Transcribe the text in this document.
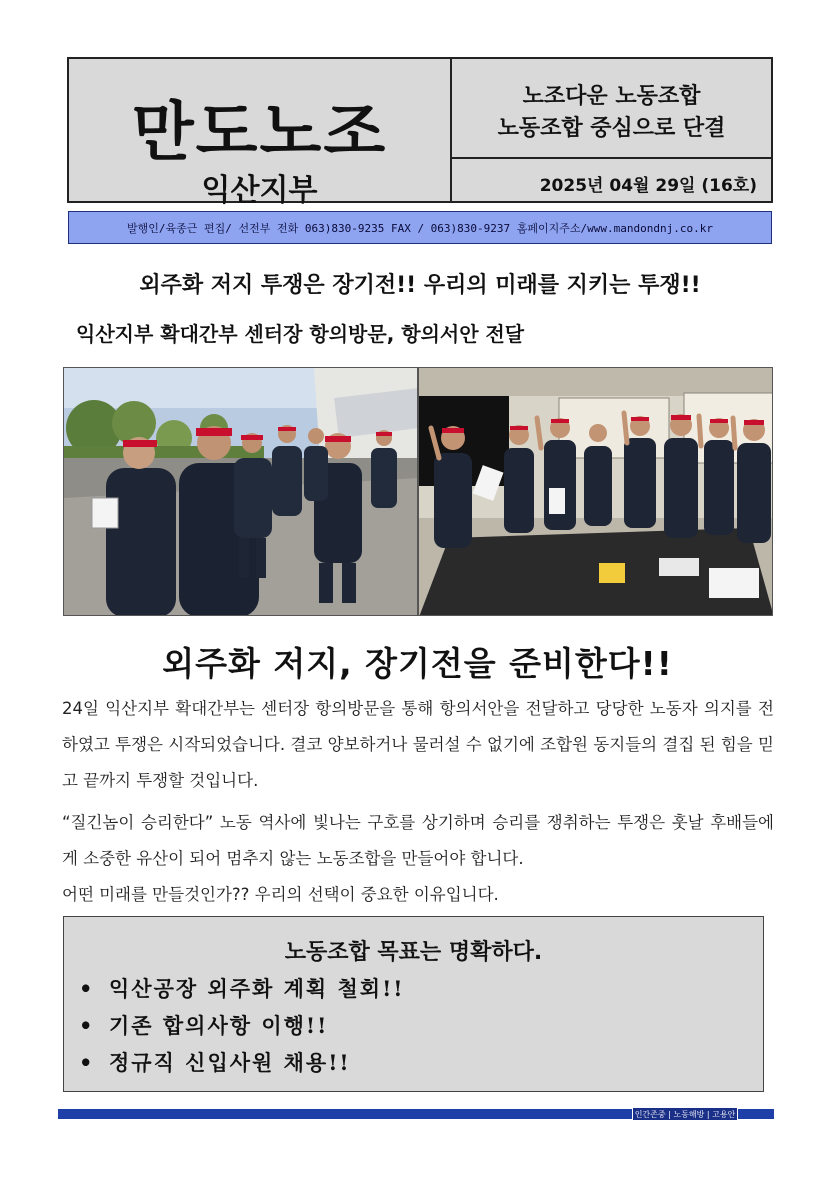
만도노조
익산지부
노조다운 노동조합
노동조합 중심으로 단결
2025년 04월 29일 (16호)
발행인/육종근 편집/ 선전부 전화 063)830-9235 FAX / 063)830-9237 홈페이지주소/www.mandondnj.co.kr
외주화 저지 투쟁은 장기전!! 우리의 미래를 지키는 투쟁!!
익산지부 확대간부 센터장 항의방문, 항의서안 전달
외주화 저지, 장기전을 준비한다!!
24일 익산지부 확대간부는 센터장 항의방문을 통해 항의서안을 전달하고 당당한 노동자 의지를 전하였고 투쟁은 시작되었습니다. 결코 양보하거나 물러설 수 없기에 조합원 동지들의 결집 된 힘을 믿고 끝까지 투쟁할 것입니다.
“질긴놈이 승리한다” 노동 역사에 빛나는 구호를 상기하며 승리를 쟁취하는 투쟁은 훗날 후배들에게 소중한 유산이 되어 멈추지 않는 노동조합을 만들어야 합니다.
어떤 미래를 만들것인가?? 우리의 선택이 중요한 이유입니다.
노동조합 목표는 명확하다.
• 익산공장 외주화 계획 철회!!
• 기존 합의사항 이행!!
• 정규직 신입사원 채용!!
인간존중 | 노동해방 | 고용안정
